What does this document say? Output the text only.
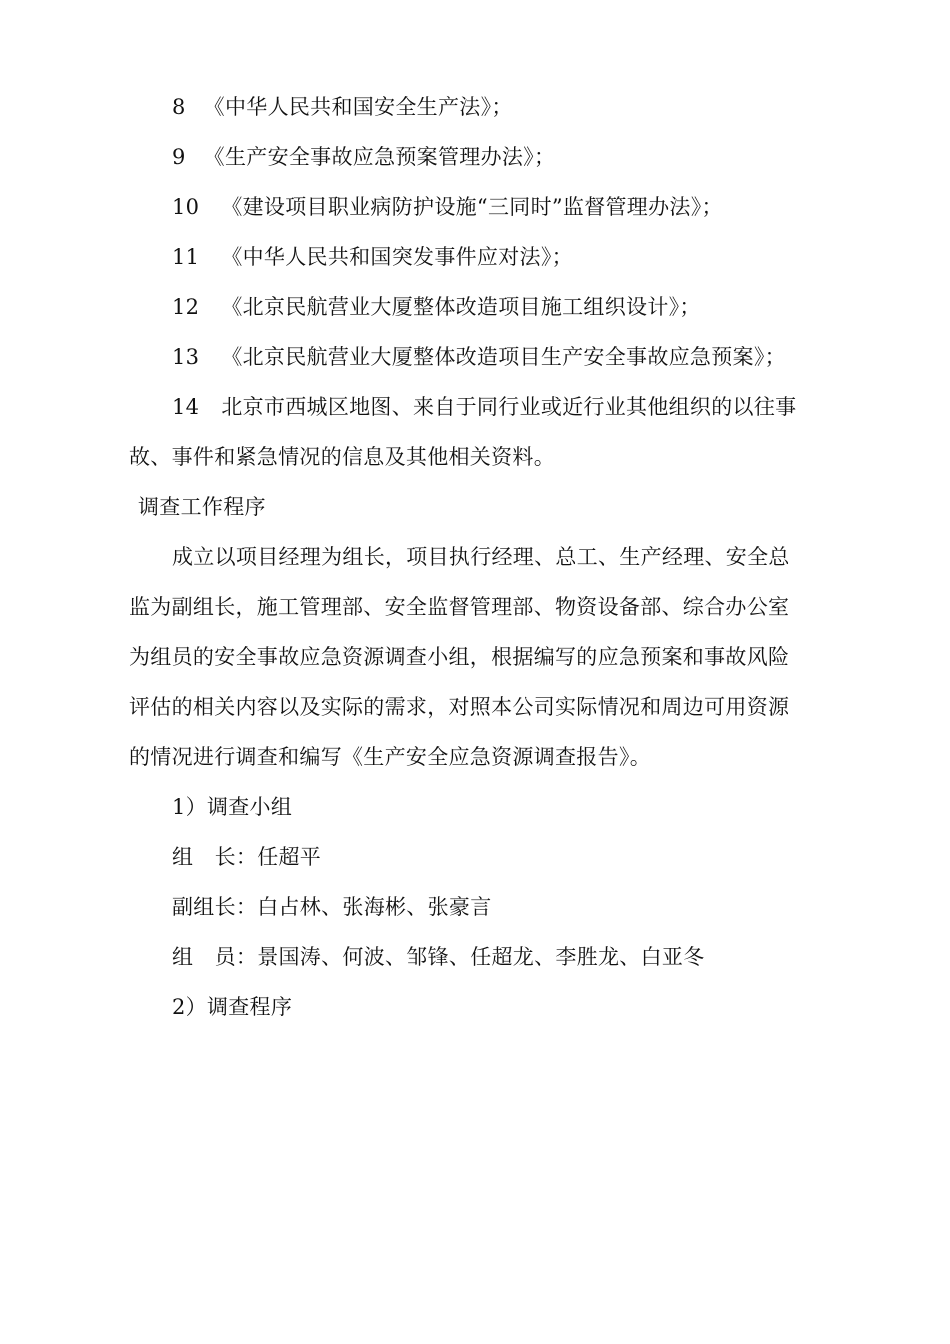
8 《中华人民共和国安全生产法》；
9 《生产安全事故应急预案管理办法》；
10 《建设项目职业病防护设施“三同时”监督管理办法》；
11 《中华人民共和国突发事件应对法》；
12 《北京民航营业大厦整体改造项目施工组织设计》；
13 《北京民航营业大厦整体改造项目生产安全事故应急预案》；
14 北京市西城区地图、来自于同行业或近行业其他组织的以往事
故、事件和紧急情况的信息及其他相关资料。
调查工作程序
成立以项目经理为组长，项目执行经理、总工、生产经理、安全总
监为副组长，施工管理部、安全监督管理部、物资设备部、综合办公室
为组员的安全事故应急资源调查小组，根据编写的应急预案和事故风险
评估的相关内容以及实际的需求，对照本公司实际情况和周边可用资源
的情况进行调查和编写《生产安全应急资源调查报告》。
1）调查小组
组　长：任超平
副组长：白占林、张海彬、张豪言
组　员：景国涛、何波、邹锋、任超龙、李胜龙、白亚冬
2）调查程序
